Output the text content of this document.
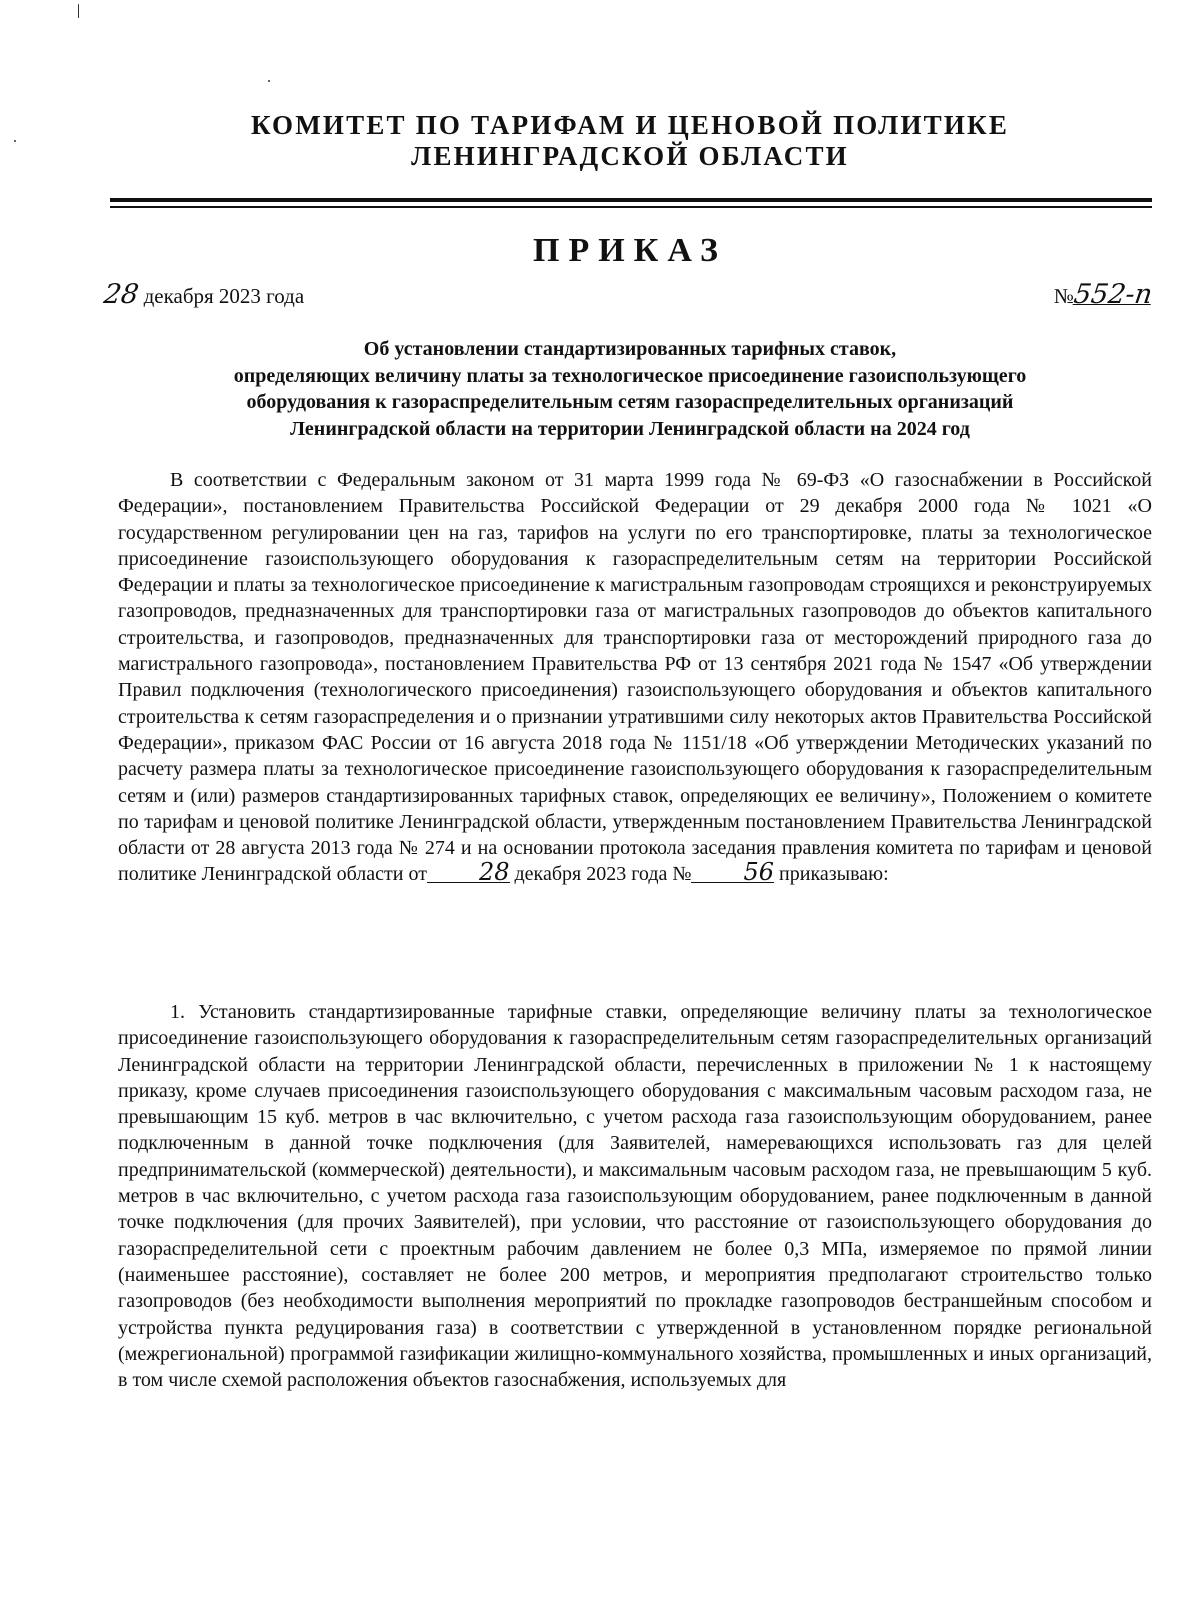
КОМИТЕТ ПО ТАРИФАМ И ЦЕНОВОЙ ПОЛИТИКЕ
ЛЕНИНГРАДСКОЙ ОБЛАСТИ
ПРИКАЗ
28 декабря 2023 года	№552-п
Об установлении стандартизированных тарифных ставок,
определяющих величину платы за технологическое присоединение газоиспользующего
оборудования к газораспределительным сетям газораспределительных организаций
Ленинградской области на территории Ленинградской области на 2024 год
В соответствии с Федеральным законом от 31 марта 1999 года № 69-ФЗ «О газоснабжении в Российской Федерации», постановлением Правительства Российской Федерации от 29 декабря 2000 года № 1021 «О государственном регулировании цен на газ, тарифов на услуги по его транспортировке, платы за технологическое присоединение газоиспользующего оборудования к газораспределительным сетям на территории Российской Федерации и платы за технологическое присоединение к магистральным газопроводам строящихся и реконструируемых газопроводов, предназначенных для транспортировки газа от магистральных газопроводов до объектов капитального строительства, и газопроводов, предназначенных для транспортировки газа от месторождений природного газа до магистрального газопровода», постановлением Правительства РФ от 13 сентября 2021 года № 1547 «Об утверждении Правил подключения (технологического присоединения) газоиспользующего оборудования и объектов капитального строительства к сетям газораспределения и о признании утратившими силу некоторых актов Правительства Российской Федерации», приказом ФАС России от 16 августа 2018 года № 1151/18 «Об утверждении Методических указаний по расчету размера платы за технологическое присоединение газоиспользующего оборудования к газораспределительным сетям и (или) размеров стандартизированных тарифных ставок, определяющих ее величину», Положением о комитете по тарифам и ценовой политике Ленинградской области, утвержденным постановлением Правительства Ленинградской области от 28 августа 2013 года № 274 и на основании протокола заседания правления комитета по тарифам и ценовой политике Ленинградской области от 28 декабря 2023 года № 56 приказываю:
1. Установить стандартизированные тарифные ставки, определяющие величину платы за технологическое присоединение газоиспользующего оборудования к газораспределительным сетям газораспределительных организаций Ленинградской области на территории Ленинградской области, перечисленных в приложении № 1 к настоящему приказу, кроме случаев присоединения газоиспользующего оборудования с максимальным часовым расходом газа, не превышающим 15 куб. метров в час включительно, с учетом расхода газа газоиспользующим оборудованием, ранее подключенным в данной точке подключения (для Заявителей, намеревающихся использовать газ для целей предпринимательской (коммерческой) деятельности), и максимальным часовым расходом газа, не превышающим 5 куб. метров в час включительно, с учетом расхода газа газоиспользующим оборудованием, ранее подключенным в данной точке подключения (для прочих Заявителей), при условии, что расстояние от газоиспользующего оборудования до газораспределительной сети с проектным рабочим давлением не более 0,3 МПа, измеряемое по прямой линии (наименьшее расстояние), составляет не более 200 метров, и мероприятия предполагают строительство только газопроводов (без необходимости выполнения мероприятий по прокладке газопроводов бестраншейным способом и устройства пункта редуцирования газа) в соответствии с утвержденной в установленном порядке региональной (межрегиональной) программой газификации жилищно-коммунального хозяйства, промышленных и иных организаций, в том числе схемой расположения объектов газоснабжения, используемых для
